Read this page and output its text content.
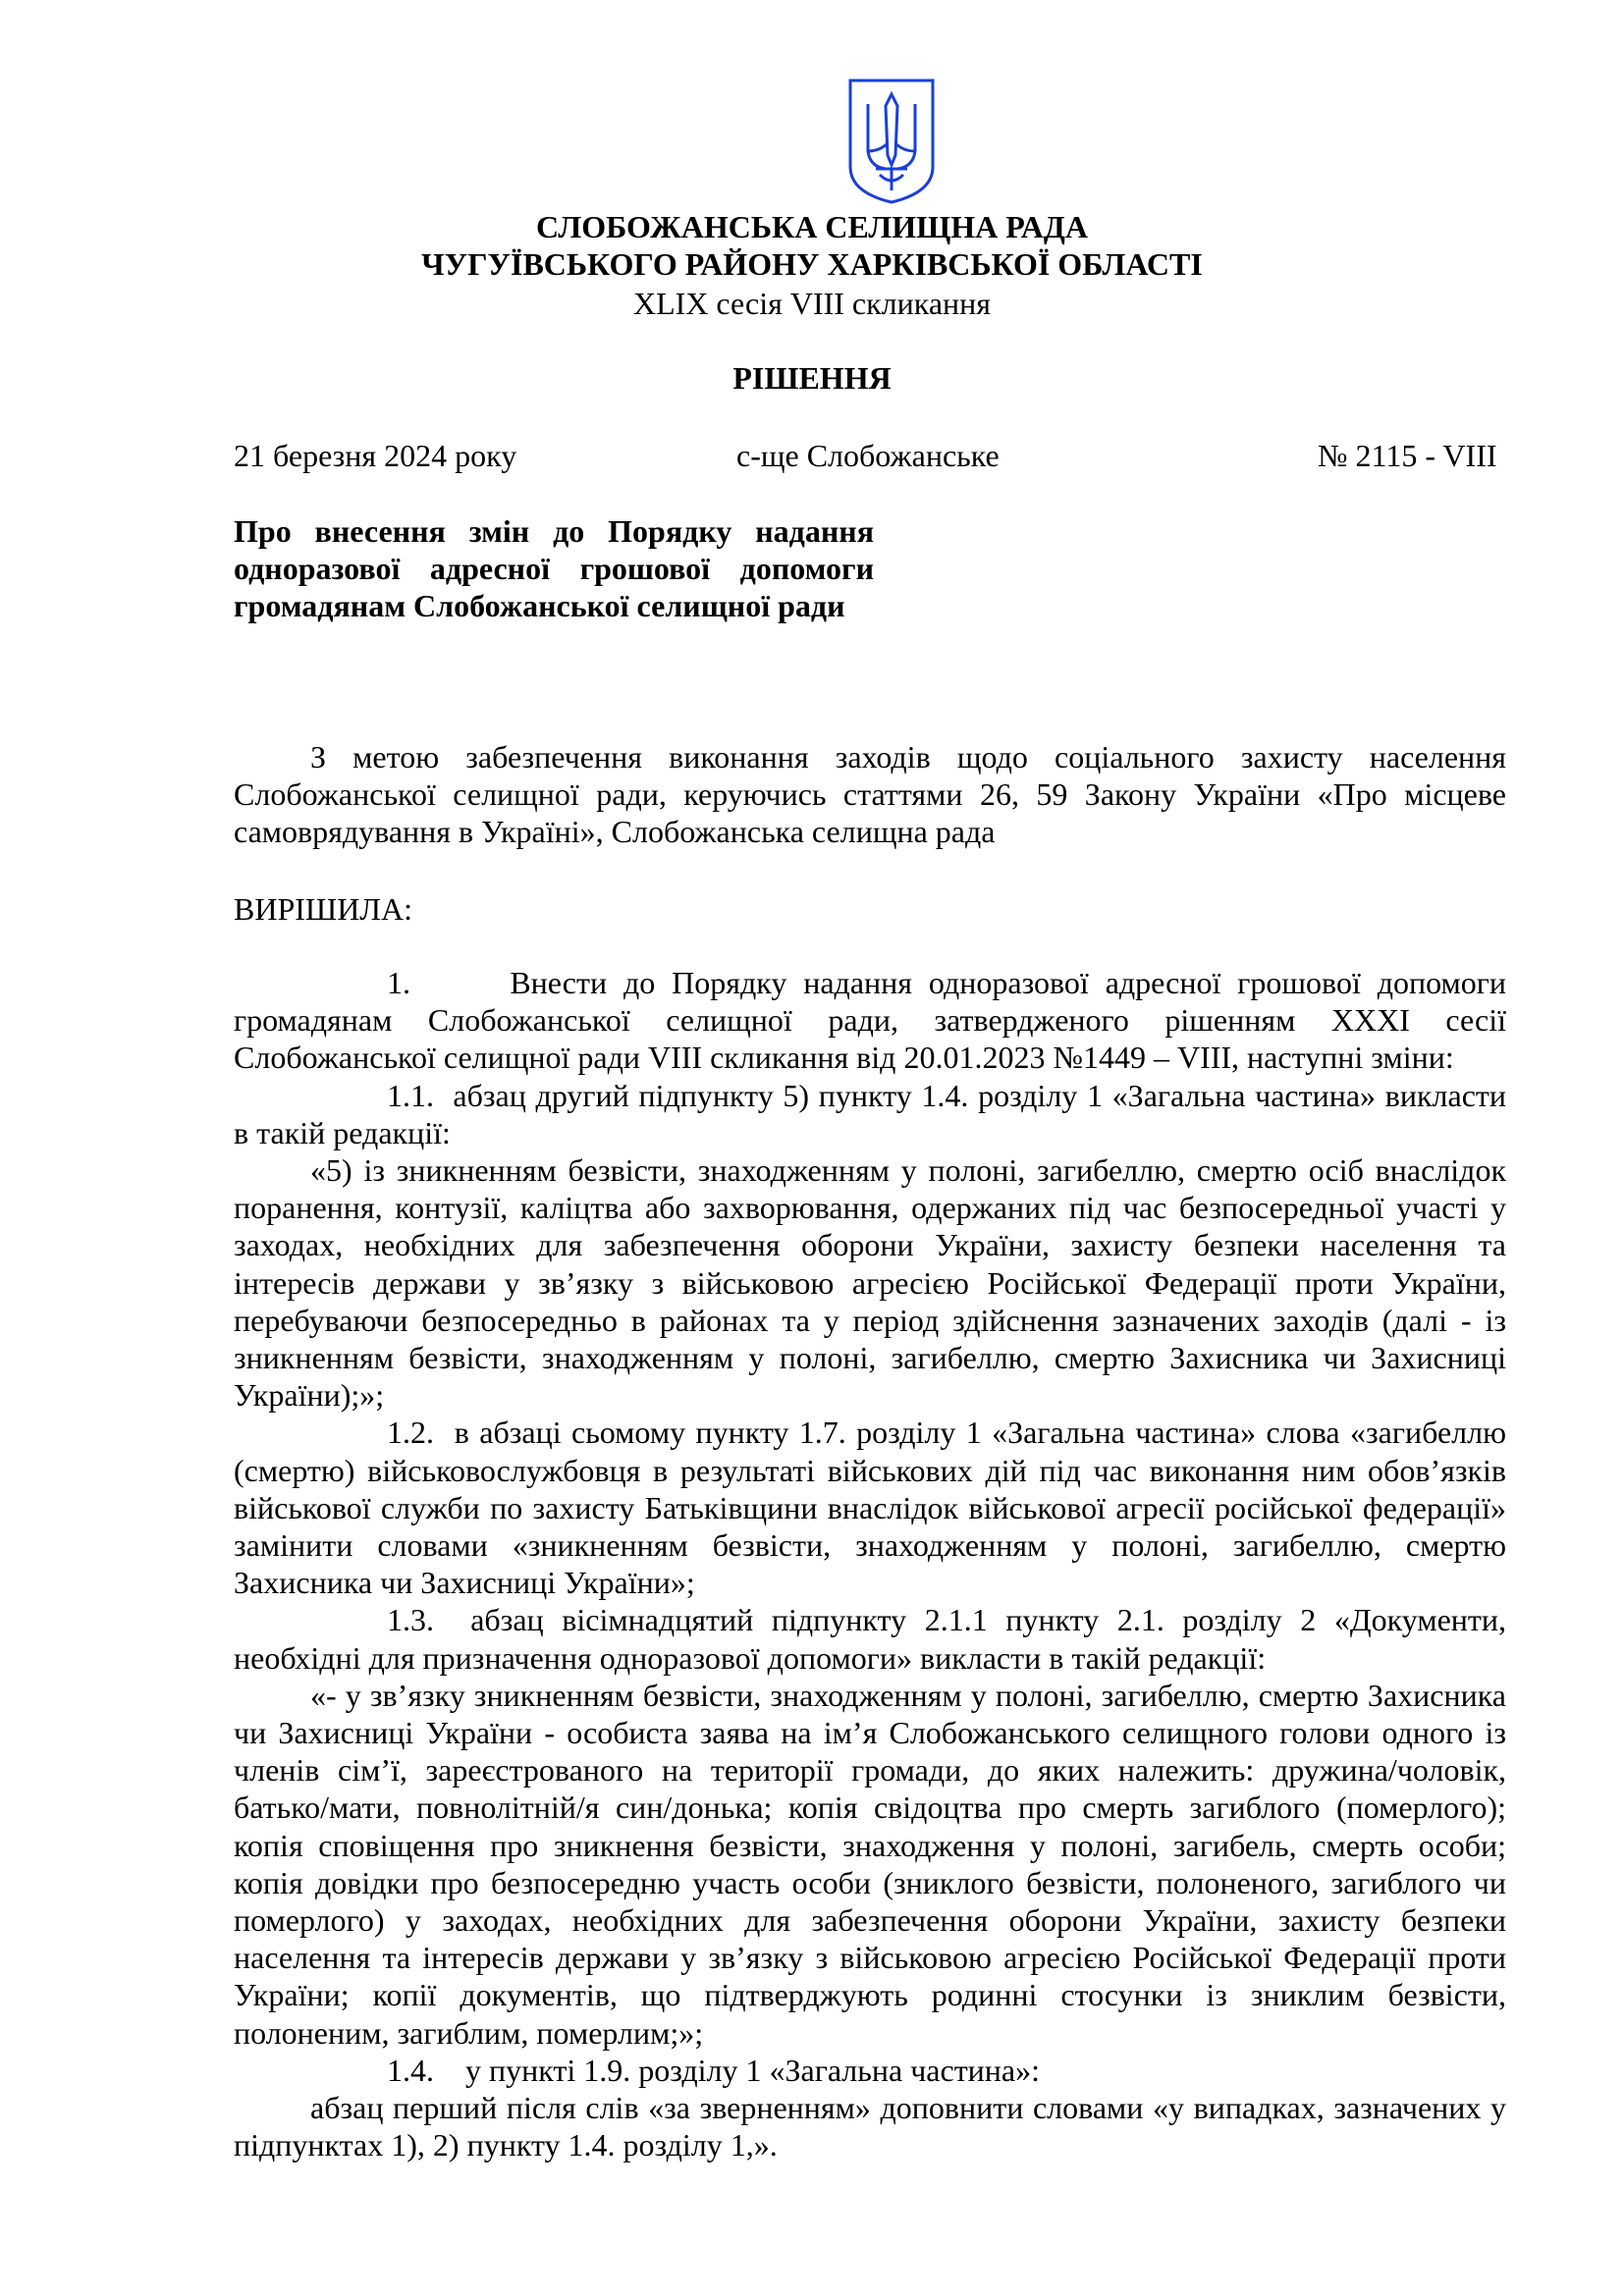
СЛОБОЖАНСЬКА СЕЛИЩНА РАДА
ЧУГУЇВСЬКОГО РАЙОНУ ХАРКІВСЬКОЇ ОБЛАСТІ
XLIX сесія VIII скликання
РІШЕННЯ
21 березня 2024 року	с-ще Слобожанське	№ 2115 - VIII
Про внесення змін до Порядку надання одноразової адресної грошової допомоги громадянам Слобожанської селищної ради

З метою забезпечення виконання заходів щодо соціального захисту населення Слобожанської селищної ради, керуючись статтями 26, 59 Закону України «Про місцеве самоврядування в Україні», Слобожанська селищна рада

ВИРІШИЛА:

1.	Внести до Порядку надання одноразової адресної грошової допомоги громадянам Слобожанської селищної ради, затвердженого рішенням XXXI сесії Слобожанської селищної ради VIII скликання від 20.01.2023 №1449 – VIII, наступні зміни:

1.1. абзац другий підпункту 5) пункту 1.4. розділу 1 «Загальна частина» викласти в такій редакції:

«5) із зникненням безвісти, знаходженням у полоні, загибеллю, смертю осіб внаслідок поранення, контузії, каліцтва або захворювання, одержаних під час безпосередньої участі у заходах, необхідних для забезпечення оборони України, захисту безпеки населення та інтересів держави у зв’язку з військовою агресією Російської Федерації проти України, перебуваючи безпосередньо в районах та у період здійснення зазначених заходів (далі - із зникненням безвісти, знаходженням у полоні, загибеллю, смертю Захисника чи Захисниці України);»;

1.2. в абзаці сьомому пункту 1.7. розділу 1 «Загальна частина» слова «загибеллю (смертю) військовослужбовця в результаті військових дій під час виконання ним обов’язків військової служби по захисту Батьківщини внаслідок військової агресії російської федерації» замінити словами «зникненням безвісти, знаходженням у полоні, загибеллю, смертю Захисника чи Захисниці України»;

1.3. абзац вісімнадцятий підпункту 2.1.1 пункту 2.1. розділу 2 «Документи, необхідні для призначення одноразової допомоги» викласти в такій редакції:

«- у зв’язку зникненням безвісти, знаходженням у полоні, загибеллю, смертю Захисника чи Захисниці України - особиста заява на ім’я Слобожанського селищного голови одного із членів сім’ї, зареєстрованого на території громади, до яких належить: дружина/чоловік, батько/мати, повнолітній/я син/донька; копія свідоцтва про смерть загиблого (померлого); копія сповіщення про зникнення безвісти, знаходження у полоні, загибель, смерть особи; копія довідки про безпосередню участь особи (зниклого безвісти, полоненого, загиблого чи померлого) у заходах, необхідних для забезпечення оборони України, захисту безпеки населення та інтересів держави у зв’язку з військовою агресією Російської Федерації проти України; копії документів, що підтверджують родинні стосунки із зниклим безвісти, полоненим, загиблим, померлим;»;

1.4. у пункті 1.9. розділу 1 «Загальна частина»:

абзац перший після слів «за зверненням» доповнити словами «у випадках, зазначених у підпунктах 1), 2) пункту 1.4. розділу 1,».
